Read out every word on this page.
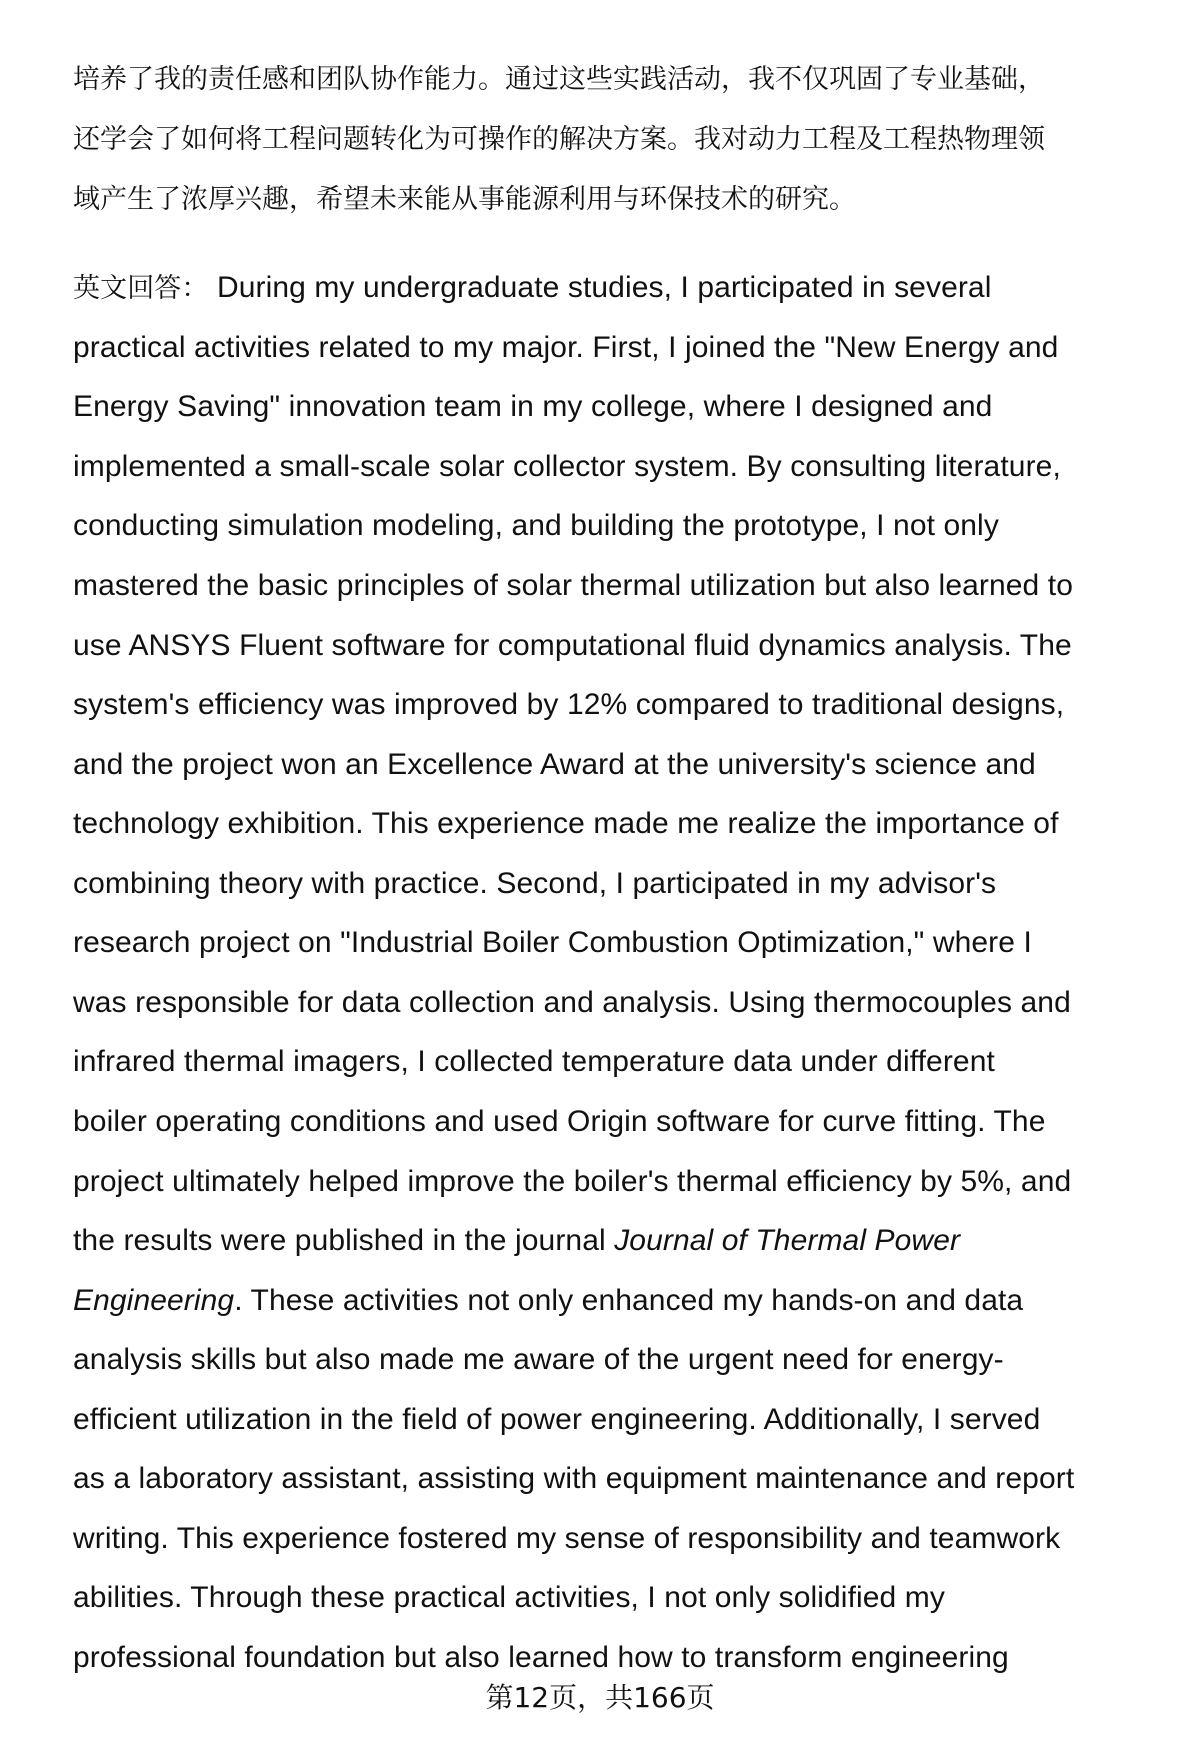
培养了我的责任感和团队协作能力。通过这些实践活动，我不仅巩固了专业基础，
还学会了如何将工程问题转化为可操作的解决方案。我对动力工程及工程热物理领
域产生了浓厚兴趣，希望未来能从事能源利用与环保技术的研究。
英文回答： During my undergraduate studies, I participated in several
practical activities related to my major. First, I joined the "New Energy and
Energy Saving" innovation team in my college, where I designed and
implemented a small-scale solar collector system. By consulting literature,
conducting simulation modeling, and building the prototype, I not only
mastered the basic principles of solar thermal utilization but also learned to
use ANSYS Fluent software for computational fluid dynamics analysis. The
system's efficiency was improved by 12% compared to traditional designs,
and the project won an Excellence Award at the university's science and
technology exhibition. This experience made me realize the importance of
combining theory with practice. Second, I participated in my advisor's
research project on "Industrial Boiler Combustion Optimization," where I
was responsible for data collection and analysis. Using thermocouples and
infrared thermal imagers, I collected temperature data under different
boiler operating conditions and used Origin software for curve fitting. The
project ultimately helped improve the boiler's thermal efficiency by 5%, and
the results were published in the journal Journal of Thermal Power
Engineering. These activities not only enhanced my hands-on and data
analysis skills but also made me aware of the urgent need for energy-
efficient utilization in the field of power engineering. Additionally, I served
as a laboratory assistant, assisting with equipment maintenance and report
writing. This experience fostered my sense of responsibility and teamwork
abilities. Through these practical activities, I not only solidified my
professional foundation but also learned how to transform engineering
第12页，共166页
